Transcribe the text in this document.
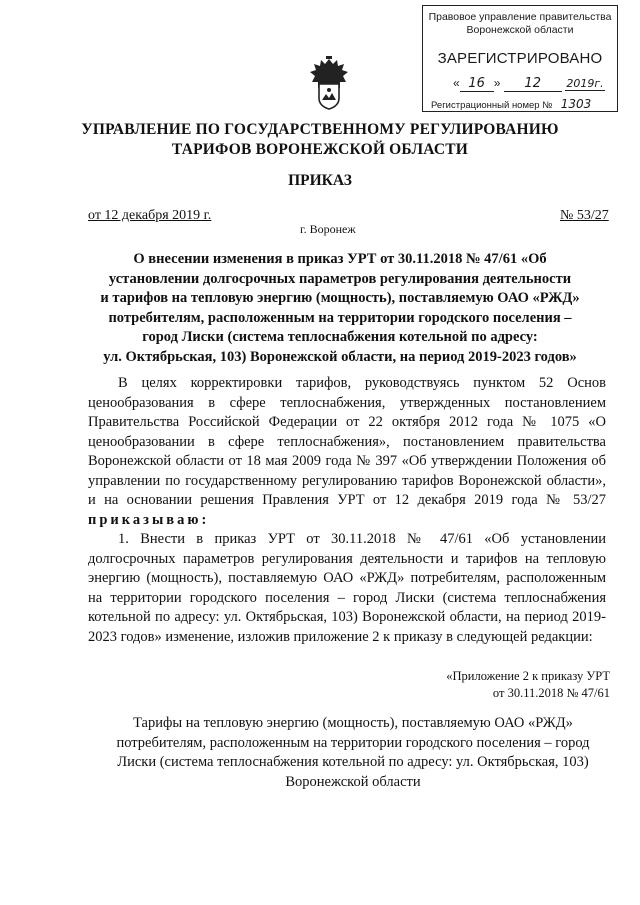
Правовое управление правительства
Воронежской области
ЗАРЕГИСТРИРОВАНО
« 16 » 12 2019г.
Регистрационный номер № 1303
УПРАВЛЕНИЕ ПО ГОСУДАРСТВЕННОМУ РЕГУЛИРОВАНИЮ
ТАРИФОВ ВОРОНЕЖСКОЙ ОБЛАСТИ
ПРИКАЗ
от 12 декабря 2019 г.	№ 53/27
г. Воронеж
О внесении изменения в приказ УРТ от 30.11.2018 № 47/61 «Об
установлении долгосрочных параметров регулирования деятельности
и тарифов на тепловую энергию (мощность), поставляемую ОАО «РЖД»
потребителям, расположенным на территории городского поселения –
город Лиски (система теплоснабжения котельной по адресу:
ул. Октябрьская, 103) Воронежской области, на период 2019-2023 годов»
В целях корректировки тарифов, руководствуясь пунктом 52 Основ ценообразования в сфере теплоснабжения, утвержденных постановлением Правительства Российской Федерации от 22 октября 2012 года № 1075 «О ценообразовании в сфере теплоснабжения», постановлением правительства Воронежской области от 18 мая 2009 года № 397 «Об утверждении Положения об управлении по государственному регулированию тарифов Воронежской области», и на основании решения Правления УРТ от 12 декабря 2019 года № 53/27 приказываю:
1. Внести в приказ УРТ от 30.11.2018 № 47/61 «Об установлении долгосрочных параметров регулирования деятельности и тарифов на тепловую энергию (мощность), поставляемую ОАО «РЖД» потребителям, расположенным на территории городского поселения – город Лиски (система теплоснабжения котельной по адресу: ул. Октябрьская, 103) Воронежской области, на период 2019-2023 годов» изменение, изложив приложение 2 к приказу в следующей редакции:
«Приложение 2 к приказу УРТ
от 30.11.2018 № 47/61
Тарифы на тепловую энергию (мощность), поставляемую ОАО «РЖД»
потребителям, расположенным на территории городского поселения – город
Лиски (система теплоснабжения котельной по адресу: ул. Октябрьская, 103)
Воронежской области
